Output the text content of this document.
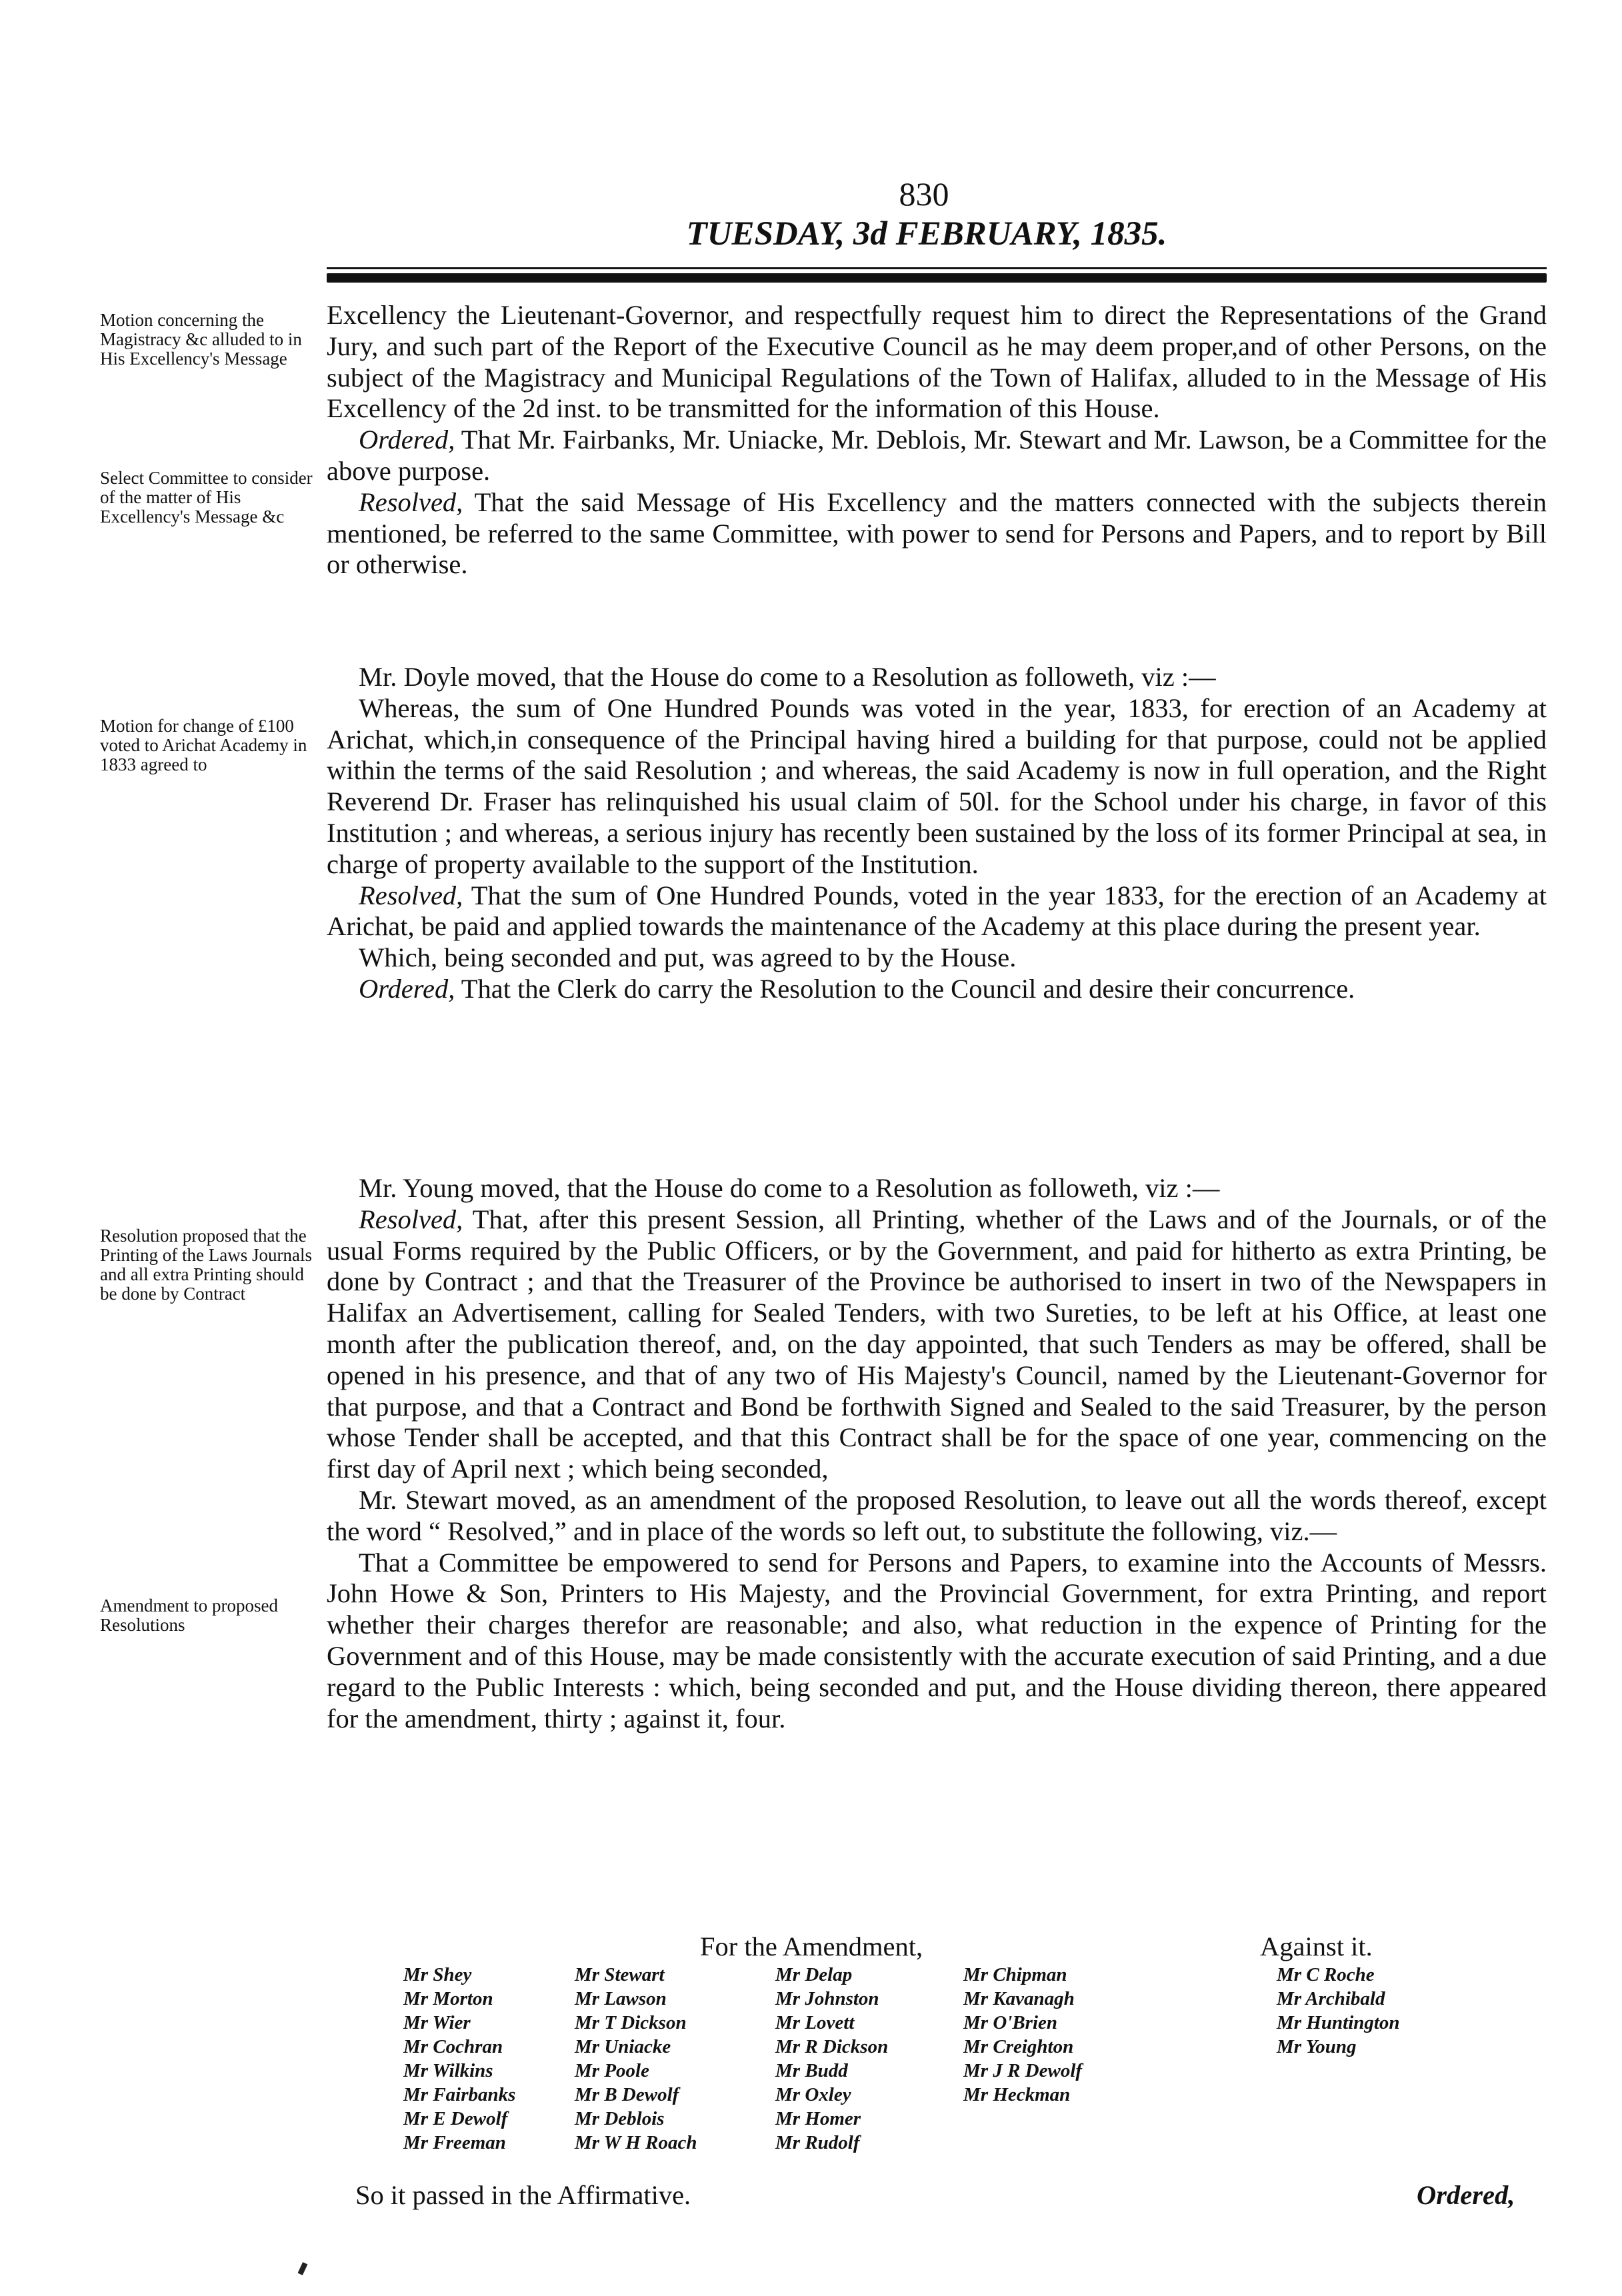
830
TUESDAY, 3d FEBRUARY, 1835.
Motion concerning the Magistracy &c alluded to in His Excellency's Message
Select Committee to consider of the matter of His Excellency's Message &c
Motion for change of £100 voted to Arichat Academy in 1833 agreed to
Resolution proposed that the Printing of the Laws Journals and all extra Printing should be done by Contract
Amendment to proposed Resolutions

Excellency the Lieutenant-Governor, and respectfully request him to direct the Representations of the Grand Jury, and such part of the Report of the Executive Council as he may deem proper,and of other Persons, on the subject of the Magistracy and Municipal Regulations of the Town of Halifax, alluded to in the Message of His Excellency of the 2d inst. to be transmitted for the information of this House.

Ordered, That Mr. Fairbanks, Mr. Uniacke, Mr. Deblois, Mr. Stewart and Mr. Lawson, be a Committee for the above purpose.

Resolved, That the said Message of His Excellency and the matters connected with the subjects therein mentioned, be referred to the same Committee, with power to send for Persons and Papers, and to report by Bill or otherwise.

Mr. Doyle moved, that the House do come to a Resolution as followeth, viz :—

Whereas, the sum of One Hundred Pounds was voted in the year, 1833, for erection of an Academy at Arichat, which,in consequence of the Principal having hired a building for that purpose, could not be applied within the terms of the said Resolution ; and whereas, the said Academy is now in full operation, and the Right Reverend Dr. Fraser has relinquished his usual claim of 50l. for the School under his charge, in favor of this Institution ; and whereas, a serious injury has recently been sustained by the loss of its former Principal at sea, in charge of property available to the support of the Institution.

Resolved, That the sum of One Hundred Pounds, voted in the year 1833, for the erection of an Academy at Arichat, be paid and applied towards the maintenance of the Academy at this place during the present year.

Which, being seconded and put, was agreed to by the House.

Ordered, That the Clerk do carry the Resolution to the Council and desire their concurrence.

Mr. Young moved, that the House do come to a Resolution as followeth, viz :—

Resolved, That, after this present Session, all Printing, whether of the Laws and of the Journals, or of the usual Forms required by the Public Officers, or by the Government, and paid for hitherto as extra Printing, be done by Contract ; and that the Treasurer of the Province be authorised to insert in two of the Newspapers in Halifax an Advertisement, calling for Sealed Tenders, with two Sureties, to be left at his Office, at least one month after the publication thereof, and, on the day appointed, that such Tenders as may be offered, shall be opened in his presence, and that of any two of His Majesty's Council, named by the Lieutenant-Governor for that purpose, and that a Contract and Bond be forthwith Signed and Sealed to the said Treasurer, by the person whose Tender shall be accepted, and that this Contract shall be for the space of one year, commencing on the first day of April next ; which being seconded,

Mr. Stewart moved, as an amendment of the proposed Resolution, to leave out all the words thereof, except the word “ Resolved,” and in place of the words so left out, to substitute the following, viz.—

That a Committee be empowered to send for Persons and Papers, to examine into the Accounts of Messrs. John Howe & Son, Printers to His Majesty, and the Provincial Government, for extra Printing, and report whether their charges therefor are reasonable; and also, what reduction in the expence of Printing for the Government and of this House, may be made consistently with the accurate execution of said Printing, and a due regard to the Public Interests : which, being seconded and put, and the House dividing thereon, there appeared for the amendment, thirty ; against it, four.

For the Amendment,	Against it.
Mr Shey
Mr Morton
Mr Wier
Mr Cochran
Mr Wilkins
Mr Fairbanks
Mr E Dewolf
Mr Freeman
Mr Stewart
Mr Lawson
Mr T Dickson
Mr Uniacke
Mr Poole
Mr B Dewolf
Mr Deblois
Mr W H Roach
Mr Delap
Mr Johnston
Mr Lovett
Mr R Dickson
Mr Budd
Mr Oxley
Mr Homer
Mr Rudolf
Mr Chipman
Mr Kavanagh
Mr O'Brien
Mr Creighton
Mr J R Dewolf
Mr Heckman
Mr C Roche
Mr Archibald
Mr Huntington
Mr Young
So it passed in the Affirmative.	Ordered,
